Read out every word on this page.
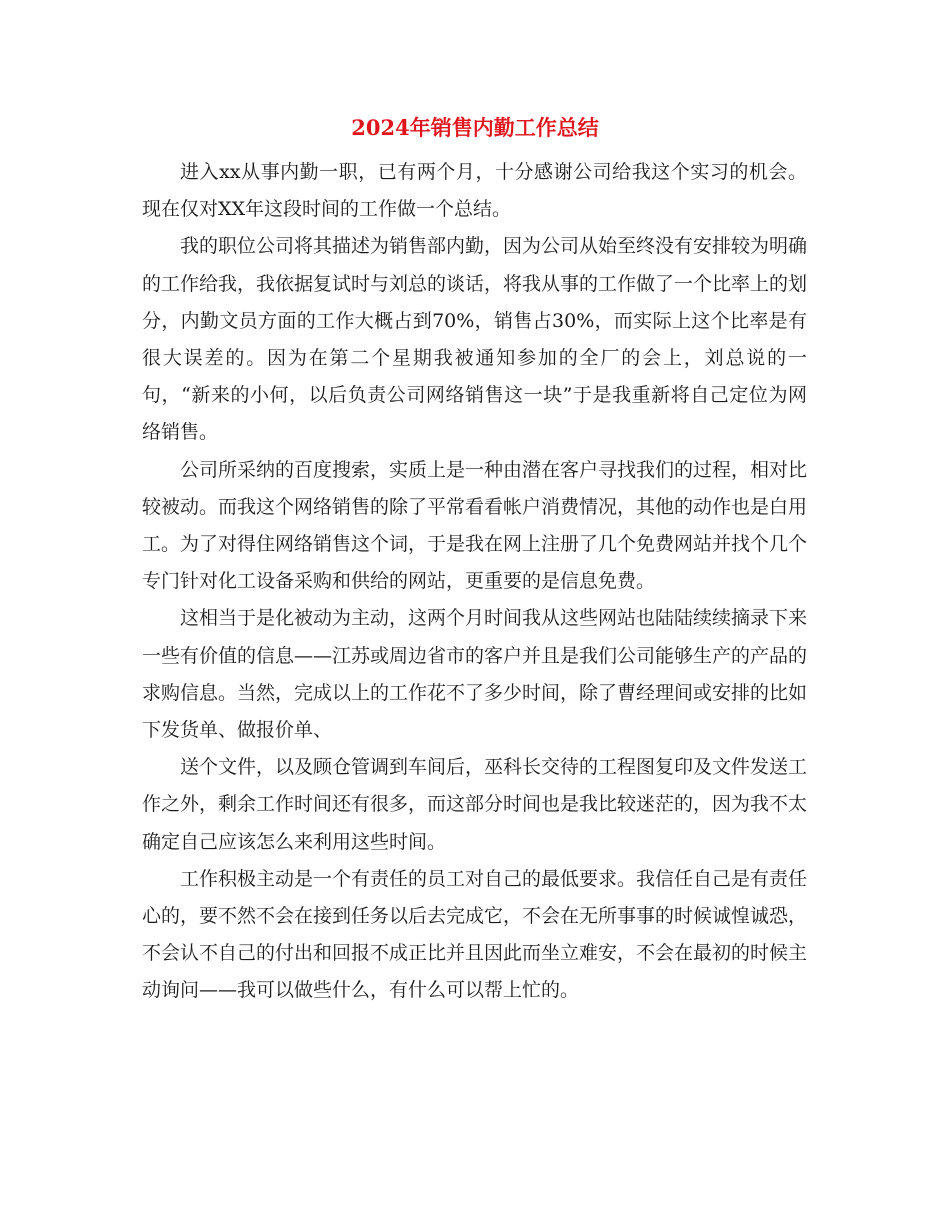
2024年销售内勤工作总结

进入xx从事内勤一职，已有两个月，十分感谢公司给我这个实习的机会。现在仅对XX年这段时间的工作做一个总结。

我的职位公司将其描述为销售部内勤，因为公司从始至终没有安排较为明确的工作给我，我依据复试时与刘总的谈话，将我从事的工作做了一个比率上的划分，内勤文员方面的工作大概占到70%，销售占30%，而实际上这个比率是有很大误差的。因为在第二个星期我被通知参加的全厂的会上，刘总说的一句，“新来的小何，以后负责公司网络销售这一块”于是我重新将自己定位为网络销售。

公司所采纳的百度搜索，实质上是一种由潜在客户寻找我们的过程，相对比较被动。而我这个网络销售的除了平常看看帐户消费情况，其他的动作也是白用工。为了对得住网络销售这个词，于是我在网上注册了几个免费网站并找个几个专门针对化工设备采购和供给的网站，更重要的是信息免费。

这相当于是化被动为主动，这两个月时间我从这些网站也陆陆续续摘录下来一些有价值的信息——江苏或周边省市的客户并且是我们公司能够生产的产品的求购信息。当然，完成以上的工作花不了多少时间，除了曹经理间或安排的比如下发货单、做报价单、

送个文件，以及顾仓管调到车间后，巫科长交待的工程图复印及文件发送工作之外，剩余工作时间还有很多，而这部分时间也是我比较迷茫的，因为我不太确定自己应该怎么来利用这些时间。

工作积极主动是一个有责任的员工对自己的最低要求。我信任自己是有责任心的，要不然不会在接到任务以后去完成它，不会在无所事事的时候诚惶诚恐，不会认不自己的付出和回报不成正比并且因此而坐立难安，不会在最初的时候主动询问——我可以做些什么，有什么可以帮上忙的。
